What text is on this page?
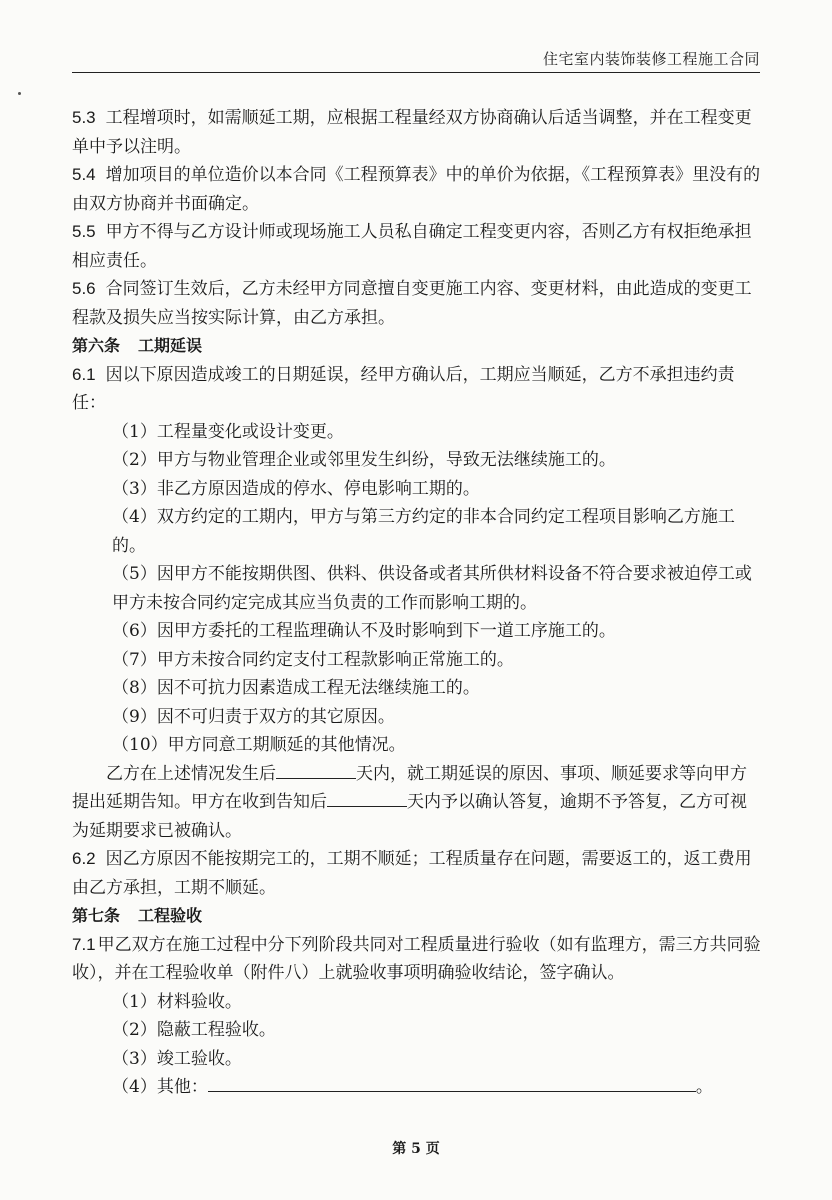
住宅室内装饰装修工程施工合同

5.3 工程增项时，如需顺延工期，应根据工程量经双方协商确认后适当调整，并在工程变更单中予以注明。

5.4 增加项目的单位造价以本合同《工程预算表》中的单价为依据，《工程预算表》里没有的由双方协商并书面确定。

5.5 甲方不得与乙方设计师或现场施工人员私自确定工程变更内容，否则乙方有权拒绝承担相应责任。

5.6 合同签订生效后，乙方未经甲方同意擅自变更施工内容、变更材料，由此造成的变更工程款及损失应当按实际计算，由乙方承担。

第六条 工期延误

6.1 因以下原因造成竣工的日期延误，经甲方确认后，工期应当顺延，乙方不承担违约责任：

（1）工程量变化或设计变更。

（2）甲方与物业管理企业或邻里发生纠纷，导致无法继续施工的。

（3）非乙方原因造成的停水、停电影响工期的。

（4）双方约定的工期内，甲方与第三方约定的非本合同约定工程项目影响乙方施工的。

（5）因甲方不能按期供图、供料、供设备或者其所供材料设备不符合要求被迫停工或甲方未按合同约定完成其应当负责的工作而影响工期的。

（6）因甲方委托的工程监理确认不及时影响到下一道工序施工的。

（7）甲方未按合同约定支付工程款影响正常施工的。

（8）因不可抗力因素造成工程无法继续施工的。

（9）因不可归责于双方的其它原因。

（10）甲方同意工期顺延的其他情况。

乙方在上述情况发生后	天内，就工期延误的原因、事项、顺延要求等向甲方提出延期告知。甲方在收到告知后	天内予以确认答复，逾期不予答复，乙方可视为延期要求已被确认。

6.2 因乙方原因不能按期完工的，工期不顺延；工程质量存在问题，需要返工的，返工费用由乙方承担，工期不顺延。

第七条 工程验收

7.1 甲乙双方在施工过程中分下列阶段共同对工程质量进行验收（如有监理方，需三方共同验收），并在工程验收单（附件八）上就验收事项明确验收结论，签字确认。

（1）材料验收。

（2）隐蔽工程验收。

（3）竣工验收。

（4）其他：	。

第 5 页
